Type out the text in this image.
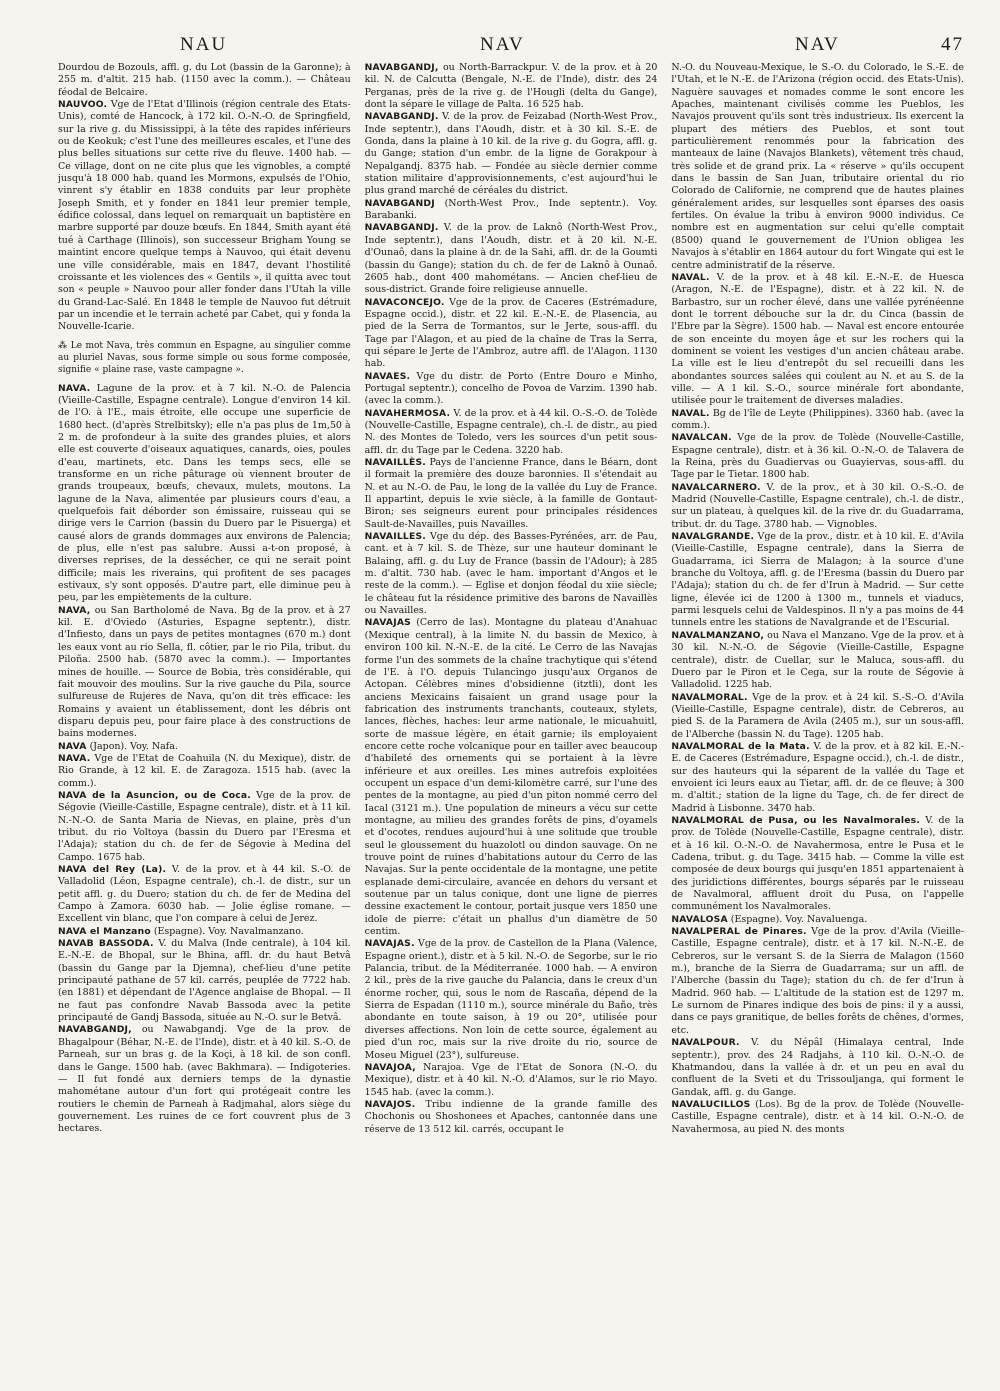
NAU	NAV	NAV	47

Dourdou de Bozouls, affl. g. du Lot (bassin de la Garonne); à 255 m. d'altit. 215 hab. (1150 avec la comm.). — Château féodal de Belcaire.

NAUVOO. Vge de l'Etat d'Illinois (région centrale des Etats-Unis), comté de Hancock, à 172 kil. O.-N.-O. de Springfield, sur la rive g. du Mississippi, à la tête des rapides inférieurs ou de Keokuk; c'est l'une des meilleures escales, et l'une des plus belles situations sur cette rive du fleuve. 1400 hab. — Ce village, dont on ne cite plus que les vignobles, a compté jusqu'à 18 000 hab. quand les Mormons, expulsés de l'Ohio, vinrent s'y établir en 1838 conduits par leur prophète Joseph Smith, et y fonder en 1841 leur premier temple, édifice colossal, dans lequel on remarquait un baptistère en marbre supporté par douze bœufs. En 1844, Smith ayant été tué à Carthage (Illinois), son successeur Brigham Young se maintint encore quelque temps à Nauvoo, qui était devenu une ville considérable, mais en 1847, devant l'hostilité croissante et les violences des « Gentils », il quitta avec tout son « peuple » Nauvoo pour aller fonder dans l'Utah la ville du Grand-Lac-Salé. En 1848 le temple de Nauvoo fut détruit par un incendie et le terrain acheté par Cabet, qui y fonda la Nouvelle-Icarie.

⁂ Le mot Nava, très commun en Espagne, au singulier comme au pluriel Navas, sous forme simple ou sous forme composée, signifie « plaine rase, vaste campagne ».

NAVA. Lagune de la prov. et à 7 kil. N.-O. de Palencia (Vieille-Castille, Espagne centrale). Longue d'environ 14 kil. de l'O. à l'E., mais étroite, elle occupe une superficie de 1680 hect. (d'après Strelbitsky); elle n'a pas plus de 1m,50 à 2 m. de profondeur à la suite des grandes pluies, et alors elle est couverte d'oiseaux aquatiques, canards, oies, poules d'eau, martinets, etc. Dans les temps secs, elle se transforme en un riche pâturage où viennent brouter de grands troupeaux, bœufs, chevaux, mulets, moutons. La lagune de la Nava, alimentée par plusieurs cours d'eau, a quelquefois fait déborder son émissaire, ruisseau qui se dirige vers le Carrion (bassin du Duero par le Pisuerga) et causé alors de grands dommages aux environs de Palencia; de plus, elle n'est pas salubre. Aussi a-t-on proposé, à diverses reprises, de la dessécher, ce qui ne serait point difficile; mais les riverains, qui profitent de ses pacages estivaux, s'y sont opposés. D'autre part, elle diminue peu à peu, par les empiètements de la culture.

NAVA, ou San Bartholomé de Nava. Bg de la prov. et à 27 kil. E. d'Oviedo (Asturies, Espagne septentr.), distr. d'Infiesto, dans un pays de petites montagnes (670 m.) dont les eaux vont au rio Sella, fl. côtier, par le rio Pila, tribut. du Piloña. 2500 hab. (5870 avec la comm.). — Importantes mines de houille. — Source de Bobia, très considérable, qui fait mouvoir des moulins. Sur la rive gauche du Pila, source sulfureuse de Rujeres de Nava, qu'on dit très efficace: les Romains y avaient un établissement, dont les débris ont disparu depuis peu, pour faire place à des constructions de bains modernes.

NAVA (Japon). Voy. Nafa.

NAVA. Vge de l'Etat de Coahuila (N. du Mexique), distr. de Rio Grande, à 12 kil. E. de Zaragoza. 1515 hab. (avec la comm.).

NAVA de la Asuncion, ou de Coca. Vge de la prov. de Ségovie (Vieille-Castille, Espagne centrale), distr. et à 11 kil. N.-N.-O. de Santa Maria de Nievas, en plaine, près d'un tribut. du rio Voltoya (bassin du Duero par l'Eresma et l'Adaja); station du ch. de fer de Ségovie à Medina del Campo. 1675 hab.

NAVA del Rey (La). V. de la prov. et à 44 kil. S.-O. de Valladolid (Léon, Espagne centrale), ch.-l. de distr., sur un petit affl. g. du Duero; station du ch. de fer de Medina del Campo à Zamora. 6030 hab. — Jolie église romane. — Excellent vin blanc, que l'on compare à celui de Jerez.

NAVA el Manzano (Espagne). Voy. Navalmanzano.

NAVAB BASSODA. V. du Malva (Inde centrale), à 104 kil. E.-N.-E. de Bhopal, sur le Bhina, affl. dr. du haut Betvâ (bassin du Gange par la Djemna), chef-lieu d'une petite principauté pathane de 57 kil. carrés, peuplée de 7722 hab. (en 1881) et dépendant de l'Agence anglaise de Bhopal. — Il ne faut pas confondre Navab Bassoda avec la petite principauté de Gandj Bassoda, située au N.-O. sur le Betvâ.

NAVABGANDJ, ou Nawabgandj. Vge de la prov. de Bhagalpour (Béhar, N.-E. de l'Inde), distr. et à 40 kil. S.-O. de Parneah, sur un bras g. de la Koçi, à 18 kil. de son confl. dans le Gange. 1500 hab. (avec Bakhmara). — Indigoteries. — Il fut fondé aux derniers temps de la dynastie mahométane autour d'un fort qui protégeait contre les routiers le chemin de Parneah à Radjmahal, alors siège du gouvernement. Les ruines de ce fort couvrent plus de 3 hectares.

NAVABGANDJ, ou North-Barrackpur. V. de la prov. et à 20 kil. N. de Calcutta (Bengale, N.-E. de l'Inde), distr. des 24 Perganas, près de la rive g. de l'Hougli (delta du Gange), dont la sépare le village de Palta. 16 525 hab.

NAVABGANDJ. V. de la prov. de Feizabad (North-West Prov., Inde septentr.), dans l'Aoudh, distr. et à 30 kil. S.-E. de Gonda, dans la plaine à 10 kil. de la rive g. du Gogra, affl. g. du Gange; station d'un embr. de la ligne de Gorakpour à Nepalgandj. 8375 hab. — Fondée au siècle dernier comme station militaire d'approvisionnements, c'est aujourd'hui le plus grand marché de céréales du district.

NAVABGANDJ (North-West Prov., Inde septentr.). Voy. Barabanki.

NAVABGANDJ. V. de la prov. de Laknô (North-West Prov., Inde septentr.), dans l'Aoudh, distr. et à 20 kil. N.-E. d'Ounaô, dans la plaine à dr. de la Sahi, affl. dr. de la Goumti (bassin du Gange); station du ch. de fer de Laknô à Ounaô. 2605 hab., dont 400 mahométans. — Ancien chef-lieu de sous-district. Grande foire religieuse annuelle.

NAVACONCEJO. Vge de la prov. de Caceres (Estrémadure, Espagne occid.), distr. et 22 kil. E.-N.-E. de Plasencia, au pied de la Serra de Tormantos, sur le Jerte, sous-affl. du Tage par l'Alagon, et au pied de la chaîne de Tras la Serra, qui sépare le Jerte de l'Ambroz, autre affl. de l'Alagon. 1130 hab.

NAVAES. Vge du distr. de Porto (Entre Douro e Minho, Portugal septentr.), concelho de Povoa de Varzim. 1390 hab. (avec la comm.).

NAVAHERMOSA. V. de la prov. et à 44 kil. O.-S.-O. de Tolède (Nouvelle-Castille, Espagne centrale), ch.-l. de distr., au pied N. des Montes de Toledo, vers les sources d'un petit sous-affl. dr. du Tage par le Cedena. 3220 hab.

NAVAILLÈS. Pays de l'ancienne France, dans le Béarn, dont il formait la première des douze baronnies. Il s'étendait au N. et au N.-O. de Pau, le long de la vallée du Luy de France. Il appartint, depuis le xvie siècle, à la famille de Gontaut-Biron; ses seigneurs eurent pour principales résidences Sault-de-Navailles, puis Navailles.

NAVAILLES. Vge du dép. des Basses-Pyrénées, arr. de Pau, cant. et à 7 kil. S. de Thèze, sur une hauteur dominant le Balaing, affl. g. du Luy de France (bassin de l'Adour); à 285 m. d'altit. 730 hab. (avec le ham. important d'Angos et le reste de la comm.). — Eglise et donjon féodal du xiie siècle; le château fut la résidence primitive des barons de Navaillès ou Navailles.

NAVAJAS (Cerro de las). Montagne du plateau d'Anahuac (Mexique central), à la limite N. du bassin de Mexico, à environ 100 kil. N.-N.-E. de la cité. Le Cerro de las Navajas forme l'un des sommets de la chaîne trachytique qui s'étend de l'E. à l'O. depuis Tulancingo jusqu'aux Organos de Actopan. Célèbres mines d'obsidienne (itztli), dont les anciens Mexicains faisaient un grand usage pour la fabrication des instruments tranchants, couteaux, stylets, lances, flèches, haches: leur arme nationale, le micuahuitl, sorte de massue légère, en était garnie; ils employaient encore cette roche volcanique pour en tailler avec beaucoup d'habileté des ornements qui se portaient à la lèvre inférieure et aux oreilles. Les mines autrefois exploitées occupent un espace d'un demi-kilomètre carré, sur l'une des pentes de la montagne, au pied d'un piton nommé cerro del Iacal (3121 m.). Une population de mineurs a vécu sur cette montagne, au milieu des grandes forêts de pins, d'oyamels et d'ocotes, rendues aujourd'hui à une solitude que trouble seul le gloussement du huazolotl ou dindon sauvage. On ne trouve point de ruines d'habitations autour du Cerro de las Navajas. Sur la pente occidentale de la montagne, une petite esplanade demi-circulaire, avancée en dehors du versant et soutenue par un talus conique, dont une ligne de pierres dessine exactement le contour, portait jusque vers 1850 une idole de pierre: c'était un phallus d'un diamètre de 50 centim.

NAVAJAS. Vge de la prov. de Castellon de la Plana (Valence, Espagne orient.), distr. et à 5 kil. N.-O. de Segorbe, sur le rio Palancia, tribut. de la Méditerranée. 1000 hab. — A environ 2 kil., près de la rive gauche du Palancia, dans le creux d'un énorme rocher, qui, sous le nom de Rascaña, dépend de la Sierra de Espadan (1110 m.), source minérale du Baño, très abondante en toute saison, à 19 ou 20°, utilisée pour diverses affections. Non loin de cette source, également au pied d'un roc, mais sur la rive droite du rio, source de Moseu Miguel (23°), sulfureuse.

NAVAJOA, Narajoa. Vge de l'Etat de Sonora (N.-O. du Mexique), distr. et à 40 kil. N.-O. d'Alamos, sur le rio Mayo. 1545 hab. (avec la comm.).

NAVAJOS. Tribu indienne de la grande famille des Chochonis ou Shoshonees et Apaches, cantonnée dans une réserve de 13 512 kil. carrés, occupant le

N.-O. du Nouveau-Mexique, le S.-O. du Colorado, le S.-E. de l'Utah, et le N.-E. de l'Arizona (région occid. des Etats-Unis). Naguère sauvages et nomades comme le sont encore les Apaches, maintenant civilisés comme les Pueblos, les Navajos prouvent qu'ils sont très industrieux. Ils exercent la plupart des métiers des Pueblos, et sont tout particulièrement renommés pour la fabrication des manteaux de laine (Navajos Blankets), vêtement très chaud, très solide et de grand prix. La « réserve » qu'ils occupent dans le bassin de San Juan, tributaire oriental du rio Colorado de Californie, ne comprend que de hautes plaines généralement arides, sur lesquelles sont éparses des oasis fertiles. On évalue la tribu à environ 9000 individus. Ce nombre est en augmentation sur celui qu'elle comptait (8500) quand le gouvernement de l'Union obligea les Navajos à s'établir en 1864 autour du fort Wingate qui est le centre administratif de la réserve.

NAVAL. V. de la prov. et à 48 kil. E.-N.-E. de Huesca (Aragon, N.-E. de l'Espagne), distr. et à 22 kil. N. de Barbastro, sur un rocher élevé, dans une vallée pyrénéenne dont le torrent débouche sur la dr. du Cinca (bassin de l'Ebre par la Sègre). 1500 hab. — Naval est encore entourée de son enceinte du moyen âge et sur les rochers qui la dominent se voient les vestiges d'un ancien château arabe. La ville est le lieu d'entrepôt du sel recueilli dans les abondantes sources salées qui coulent au N. et au S. de la ville. — A 1 kil. S.-O., source minérale fort abondante, utilisée pour le traitement de diverses maladies.

NAVAL. Bg de l'île de Leyte (Philippines). 3360 hab. (avec la comm.).

NAVALCAN. Vge de la prov. de Tolède (Nouvelle-Castille, Espagne centrale), distr. et à 36 kil. O.-N.-O. de Talavera de la Reina, près du Guadiervas ou Guayiervas, sous-affl. du Tage par le Tietar. 1800 hab.

NAVALCARNERO. V. de la prov., et à 30 kil. O.-S.-O. de Madrid (Nouvelle-Castille, Espagne centrale), ch.-l. de distr., sur un plateau, à quelques kil. de la rive dr. du Guadarrama, tribut. dr. du Tage. 3780 hab. — Vignobles.

NAVALGRANDE. Vge de la prov., distr. et à 10 kil. E. d'Avila (Vieille-Castille, Espagne centrale), dans la Sierra de Guadarrama, ici Sierra de Malagon; à la source d'une branche du Voltoya, affl. g. de l'Eresma (bassin du Duero par l'Adaja); station du ch. de fer d'Irun à Madrid. — Sur cette ligne, élevée ici de 1200 à 1300 m., tunnels et viaducs, parmi lesquels celui de Valdespinos. Il n'y a pas moins de 44 tunnels entre les stations de Navalgrande et de l'Escurial.

NAVALMANZANO, ou Nava el Manzano. Vge de la prov. et à 30 kil. N.-N.-O. de Ségovie (Vieille-Castille, Espagne centrale), distr. de Cuellar, sur le Maluca, sous-affl. du Duero par le Piron et le Cega, sur la route de Ségovie à Valladolid. 1225 hab.

NAVALMORAL. Vge de la prov. et à 24 kil. S.-S.-O. d'Avila (Vieille-Castille, Espagne centrale), distr. de Cebreros, au pied S. de la Paramera de Avila (2405 m.), sur un sous-affl. de l'Alberche (bassin N. du Tage). 1205 hab.

NAVALMORAL de la Mata. V. de la prov. et à 82 kil. E.-N.-E. de Caceres (Estrémadure, Espagne occid.), ch.-l. de distr., sur des hauteurs qui la séparent de la vallée du Tage et envoient ici leurs eaux au Tietar, affl. dr. de ce fleuve; à 300 m. d'altit.; station de la ligne du Tage, ch. de fer direct de Madrid à Lisbonne. 3470 hab.

NAVALMORAL de Pusa, ou les Navalmorales. V. de la prov. de Tolède (Nouvelle-Castille, Espagne centrale), distr. et à 16 kil. O.-N.-O. de Navahermosa, entre le Pusa et le Cadena, tribut. g. du Tage. 3415 hab. — Comme la ville est composée de deux bourgs qui jusqu'en 1851 appartenaient à des juridictions différentes, bourgs séparés par le ruisseau de Navalmoral, affluent droit du Pusa, on l'appelle communément los Navalmorales.

NAVALOSA (Espagne). Voy. Navaluenga.

NAVALPERAL de Pinares. Vge de la prov. d'Avila (Vieille-Castille, Espagne centrale), distr. et à 17 kil. N.-N.-E. de Cebreros, sur le versant S. de la Sierra de Malagon (1560 m.), branche de la Sierra de Guadarrama; sur un affl. de l'Alberche (bassin du Tage); station du ch. de fer d'Irun à Madrid. 960 hab. — L'altitude de la station est de 1297 m. Le surnom de Pinares indique des bois de pins: il y a aussi, dans ce pays granitique, de belles forêts de chênes, d'ormes, etc.

NAVALPOUR. V. du Népâl (Himalaya central, Inde septentr.), prov. des 24 Radjahs, à 110 kil. O.-N.-O. de Khatmandou, dans la vallée à dr. et un peu en aval du confluent de la Sveti et du Trissouljanga, qui forment le Gandak, affl. g. du Gange.

NAVALUCILLOS (Los). Bg de la prov. de Tolède (Nouvelle-Castille, Espagne centrale), distr. et à 14 kil. O.-N.-O. de Navahermosa, au pied N. des monts
